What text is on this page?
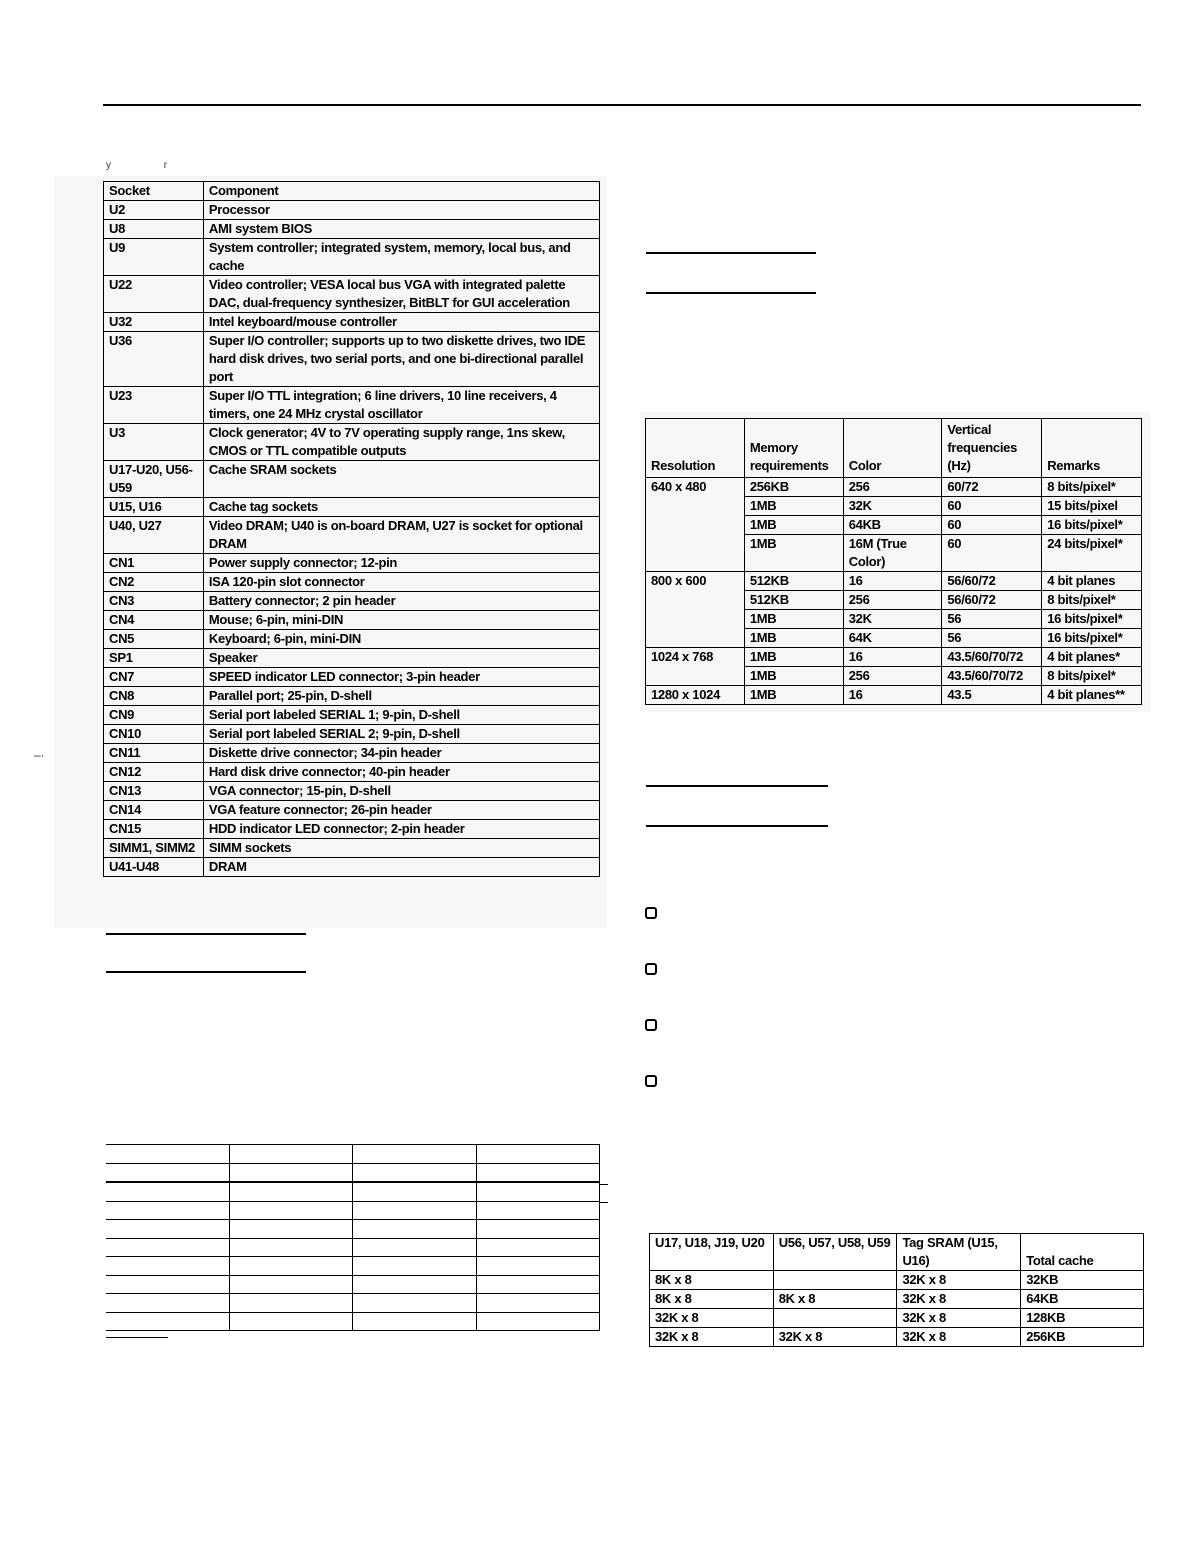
y                   r
–·
Socket	Component
U2	Processor
U8	AMI system BIOS
U9	System controller; integrated system, memory, local bus, and cache
U22	Video controller; VESA local bus VGA with integrated palette DAC, dual-frequency synthesizer, BitBLT for GUI acceleration
U32	Intel keyboard/mouse controller
U36	Super I/O controller; supports up to two diskette drives, two IDE hard disk drives, two serial ports, and one bi-directional parallel port
U23	Super I/O TTL integration; 6 line drivers, 10 line receivers, 4 timers, one 24 MHz crystal oscillator
U3	Clock generator; 4V to 7V operating supply range, 1ns skew, CMOS or TTL compatible outputs
U17-U20, U56-U59	Cache SRAM sockets
U15, U16	Cache tag sockets
U40, U27	Video DRAM; U40 is on-board DRAM, U27 is socket for optional DRAM
CN1	Power supply connector; 12-pin
CN2	ISA 120-pin slot connector
CN3	Battery connector; 2 pin header
CN4	Mouse; 6-pin, mini-DIN
CN5	Keyboard; 6-pin, mini-DIN
SP1	Speaker
CN7	SPEED indicator LED connector; 3-pin header
CN8	Parallel port; 25-pin, D-shell
CN9	Serial port labeled SERIAL 1; 9-pin, D-shell
CN10	Serial port labeled SERIAL 2; 9-pin, D-shell
CN11	Diskette drive connector; 34-pin header
CN12	Hard disk drive connector; 40-pin header
CN13	VGA connector; 15-pin, D-shell
CN14	VGA feature connector; 26-pin header
CN15	HDD indicator LED connector; 2-pin header
SIMM1, SIMM2	SIMM sockets
U41-U48	DRAM

Resolution	Memory requirements	Color	Vertical frequencies (Hz)	Remarks
640 x 480	256KB	256	60/72	8 bits/pixel*
	1MB	32K	60	15 bits/pixel
	1MB	64KB	60	16 bits/pixel*
	1MB	16M (True Color)	60	24 bits/pixel*
800 x 600	512KB	16	56/60/72	4 bit planes
	512KB	256	56/60/72	8 bits/pixel*
	1MB	32K	56	16 bits/pixel*
	1MB	64K	56	16 bits/pixel*
1024 x 768	1MB	16	43.5/60/70/72	4 bit planes*
	1MB	256	43.5/60/70/72	8 bits/pixel*
1280 x 1024	1MB	16	43.5	4 bit planes**
U17, U18, J19, U20	U56, U57, U58, U59	Tag SRAM (U15, U16)	Total cache
8K x 8		32K x 8	32KB
8K x 8	8K x 8	32K x 8	64KB
32K x 8		32K x 8	128KB
32K x 8	32K x 8	32K x 8	256KB
